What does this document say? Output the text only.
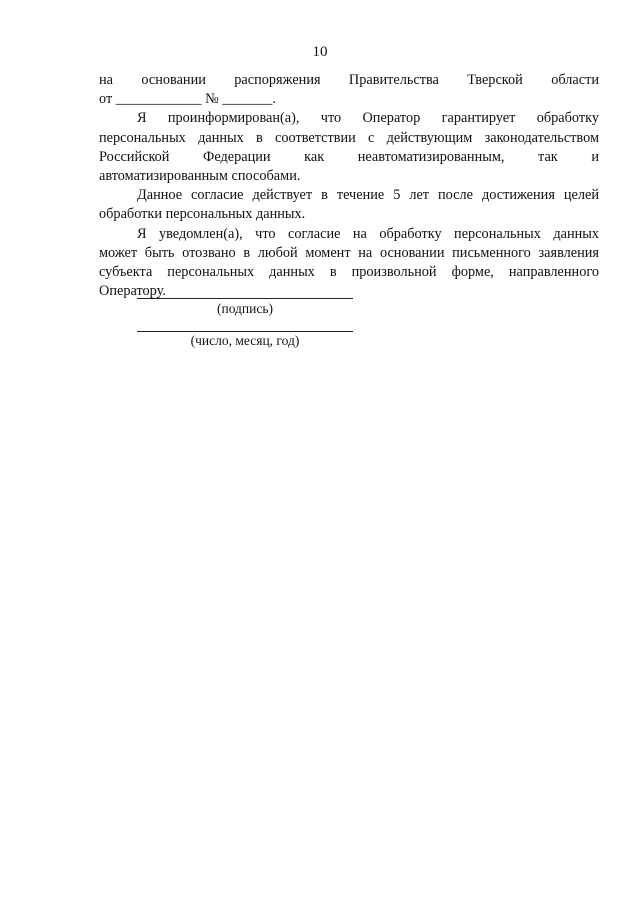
10
на основании распоряжения Правительства Тверской области
от ____________ № _______.
Я проинформирован(а), что Оператор гарантирует обработку
персональных данных в соответствии с действующим законодательством
Российской Федерации как неавтоматизированным, так и
автоматизированным способами.
Данное согласие действует в течение 5 лет после достижения целей
обработки персональных данных.
Я уведомлен(а), что согласие на обработку персональных данных
может быть отозвано в любой момент на основании письменного заявления
субъекта персональных данных в произвольной форме, направленного
Оператору.
(подпись)
(число, месяц, год)
